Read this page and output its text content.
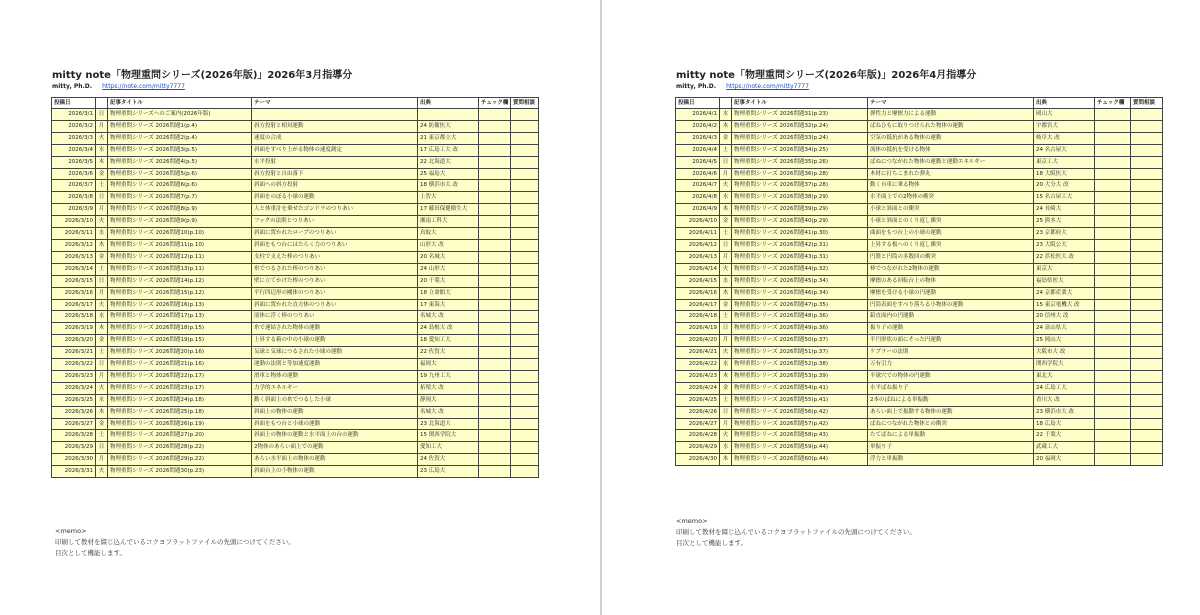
mitty note「物理重問シリーズ(2026年版)」2026年3月指導分
mitty, Ph.D. https://note.com/mitty7777
投稿日		記事タイトル	テーマ	出典	チェック欄	質問相談
2026/3/1	日	物理重問シリーズへのご案内(2026年版)				
2026/3/2	月	物理重問シリーズ 2026問題1(p.4)	斜方投射と相対運動	24 防衛医大		
2026/3/3	火	物理重問シリーズ 2026問題2(p.4)	速度の合成	21 東京都立大		
2026/3/4	水	物理重問シリーズ 2026問題3(p.5)	斜面をすべり上がる物体の速度測定	17 広島工大 改		
2026/3/5	木	物理重問シリーズ 2026問題4(p.5)	水平投射	22 北海道大		
2026/3/6	金	物理重問シリーズ 2026問題5(p.6)	斜方投射と自由落下	25 福島大		
2026/3/7	土	物理重問シリーズ 2026問題6(p.6)	斜面への斜方投射	18 横浜市大 改		
2026/3/8	日	物理重問シリーズ 2026問題7(p.7)	斜面をのぼる小球の運動	上智大		
2026/3/9	月	物理重問シリーズ 2026問題8(p.9)	人と体重計を乗せたゴンドラのつりあい	17 藤田保健衛生大		
2026/3/10	火	物理重問シリーズ 2026問題9(p.9)	フックの法則とつりあい	湘南工科大		
2026/3/11	水	物理重問シリーズ 2026問題10(p.10)	斜面に置かれたロープのつりあい	鳥取大		
2026/3/12	木	物理重問シリーズ 2026問題11(p.10)	斜面をもつ台にはたらく力のつりあい	山形大 改		
2026/3/13	金	物理重問シリーズ 2026問題12(p.11)	支柱で支えた棒のつりあい	20 名城大		
2026/3/14	土	物理重問シリーズ 2026問題13(p.11)	糸でつるされた棒のつりあい	24 山形大		
2026/3/15	日	物理重問シリーズ 2026問題14(p.12)	壁に立てかけた棒のつりあい	20 千葉大		
2026/3/16	月	物理重問シリーズ 2026問題15(p.12)	平行四辺形の剛体のつりあい	18 立命館大		
2026/3/17	火	物理重問シリーズ 2026問題16(p.13)	斜面に置かれた直方体のつりあい	17 東海大		
2026/3/18	水	物理重問シリーズ 2026問題17(p.13)	液体に浮く棒のつりあい	名城大 改		
2026/3/19	木	物理重問シリーズ 2026問題18(p.15)	糸で連結された物体の運動	24 島根大 改		
2026/3/20	金	物理重問シリーズ 2026問題19(p.15)	上昇する箱の中の小球の運動	18 愛知工大		
2026/3/21	土	物理重問シリーズ 2026問題20(p.16)	気球と気球につるされた小球の運動	22 佐賀大		
2026/3/22	日	物理重問シリーズ 2026問題21(p.16)	運動の法則と等加速度運動	福岡大		
2026/3/23	月	物理重問シリーズ 2026問題22(p.17)	滑車と物体の運動	19 九州工大		
2026/3/24	火	物理重問シリーズ 2026問題23(p.17)	力学的エネルギー	拓殖大 改		
2026/3/25	水	物理重問シリーズ 2026問題24(p.18)	動く斜面上の糸でつるした小球	静岡大		
2026/3/26	木	物理重問シリーズ 2026問題25(p.18)	斜面上の物体の運動	名城大 改		
2026/3/27	金	物理重問シリーズ 2026問題26(p.19)	斜面をもつ台と小球の運動	23 北海道大		
2026/3/28	土	物理重問シリーズ 2026問題27(p.20)	斜面上の物体の運動と水平面上の台の運動	15 関西学院大		
2026/3/29	日	物理重問シリーズ 2026問題28(p.22)	2物体のあらい面上での運動	愛知工大		
2026/3/30	月	物理重問シリーズ 2026問題29(p.22)	あらい水平面上の物体の運動	24 佐賀大		
2026/3/31	火	物理重問シリーズ 2026問題30(p.23)	斜面台上の小物体の運動	23 広島大		
<memo>
印刷して教材を綴じ込んでいるコクヨフラットファイルの先頭につけてください。
目次として機能します。
mitty note「物理重問シリーズ(2026年版)」2026年4月指導分
mitty, Ph.D. https://note.com/mitty7777
投稿日		記事タイトル	テーマ	出典	チェック欄	質問相談
2026/4/1	水	物理重問シリーズ 2026問題31(p.23)	弾性力と摩擦力による運動	岡山大		
2026/4/2	木	物理重問シリーズ 2026問題32(p.24)	ばねひもに取りつけられた物体の運動	宇都宮大		
2026/4/3	金	物理重問シリーズ 2026問題33(p.24)	空気の抵抗がある物体の運動	岐阜大 改		
2026/4/4	土	物理重問シリーズ 2026問題34(p.25)	流体の抵抗を受ける物体	24 名古屋大		
2026/4/5	日	物理重問シリーズ 2026問題35(p.26)	ばねにつながれた物体の運動と運動エネルギー	東京工大		
2026/4/6	月	物理重問シリーズ 2026問題36(p.28)	木材に打ちこまれた弾丸	18 大阪医大		
2026/4/7	火	物理重問シリーズ 2026問題37(p.28)	動く台車に乗る物体	20 大分大 改		
2026/4/8	水	物理重問シリーズ 2026問題38(p.29)	水平面上での2物体の衝突	15 名古屋工大		
2026/4/9	木	物理重問シリーズ 2026問題39(p.29)	小球と斜面との衝突	24 長崎大		
2026/4/10	金	物理重問シリーズ 2026問題40(p.29)	小球と斜面とのくり返し衝突	25 熊本大		
2026/4/11	土	物理重問シリーズ 2026問題41(p.30)	曲面をもつ台上の小球の運動	23 京都府大		
2026/4/12	日	物理重問シリーズ 2026問題42(p.31)	上昇する板へのくり返し衝突	23 大阪公大		
2026/4/13	月	物理重問シリーズ 2026問題43(p.31)	円盤と円筒の多数回の衝突	22 浜松医大 改		
2026/4/14	火	物理重問シリーズ 2026問題44(p.32)	棒でつながれた2物体の運動	東京大		
2026/4/15	水	物理重問シリーズ 2026問題45(p.34)	摩擦のある回転台上の物体	福島県医大		
2026/4/16	木	物理重問シリーズ 2026問題46(p.34)	摩擦を受ける小球の円運動	24 京都産業大		
2026/4/17	金	物理重問シリーズ 2026問題47(p.35)	円筒表面をすべり落ちる小物体の運動	15 東京電機大 改		
2026/4/18	土	物理重問シリーズ 2026問題48(p.36)	鉛直面内の円運動	20 信州大 改		
2026/4/19	日	物理重問シリーズ 2026問題49(p.36)	振り子の運動	24 富山県大		
2026/4/20	月	物理重問シリーズ 2026問題50(p.37)	半円形状の面にそった円運動	25 岡山大		
2026/4/21	火	物理重問シリーズ 2026問題51(p.37)	ケプラーの法則	大阪市大 改		
2026/4/22	水	物理重問シリーズ 2026問題52(p.38)	万有引力	関西学院大		
2026/4/23	木	物理重問シリーズ 2026問題53(p.39)	半球穴での物体の円運動	東北大		
2026/4/24	金	物理重問シリーズ 2026問題54(p.41)	水平ばね振り子	24 広島工大		
2026/4/25	土	物理重問シリーズ 2026問題55(p.41)	2本のばねによる単振動	香川大 改		
2026/4/26	日	物理重問シリーズ 2026問題56(p.42)	あらい面上で振動する物体の運動	23 横浜市大 改		
2026/4/27	月	物理重問シリーズ 2026問題57(p.42)	ばねにつながれた物体との衝突	18 広島大		
2026/4/28	火	物理重問シリーズ 2026問題58(p.43)	たてばねによる単振動	22 千葉大		
2026/4/29	水	物理重問シリーズ 2026問題59(p.44)	単振り子	武蔵工大		
2026/4/30	木	物理重問シリーズ 2026問題60(p.44)	浮力と単振動	20 福岡大		
<memo>
印刷して教材を綴じ込んでいるコクヨフラットファイルの先頭につけてください。
目次として機能します。
